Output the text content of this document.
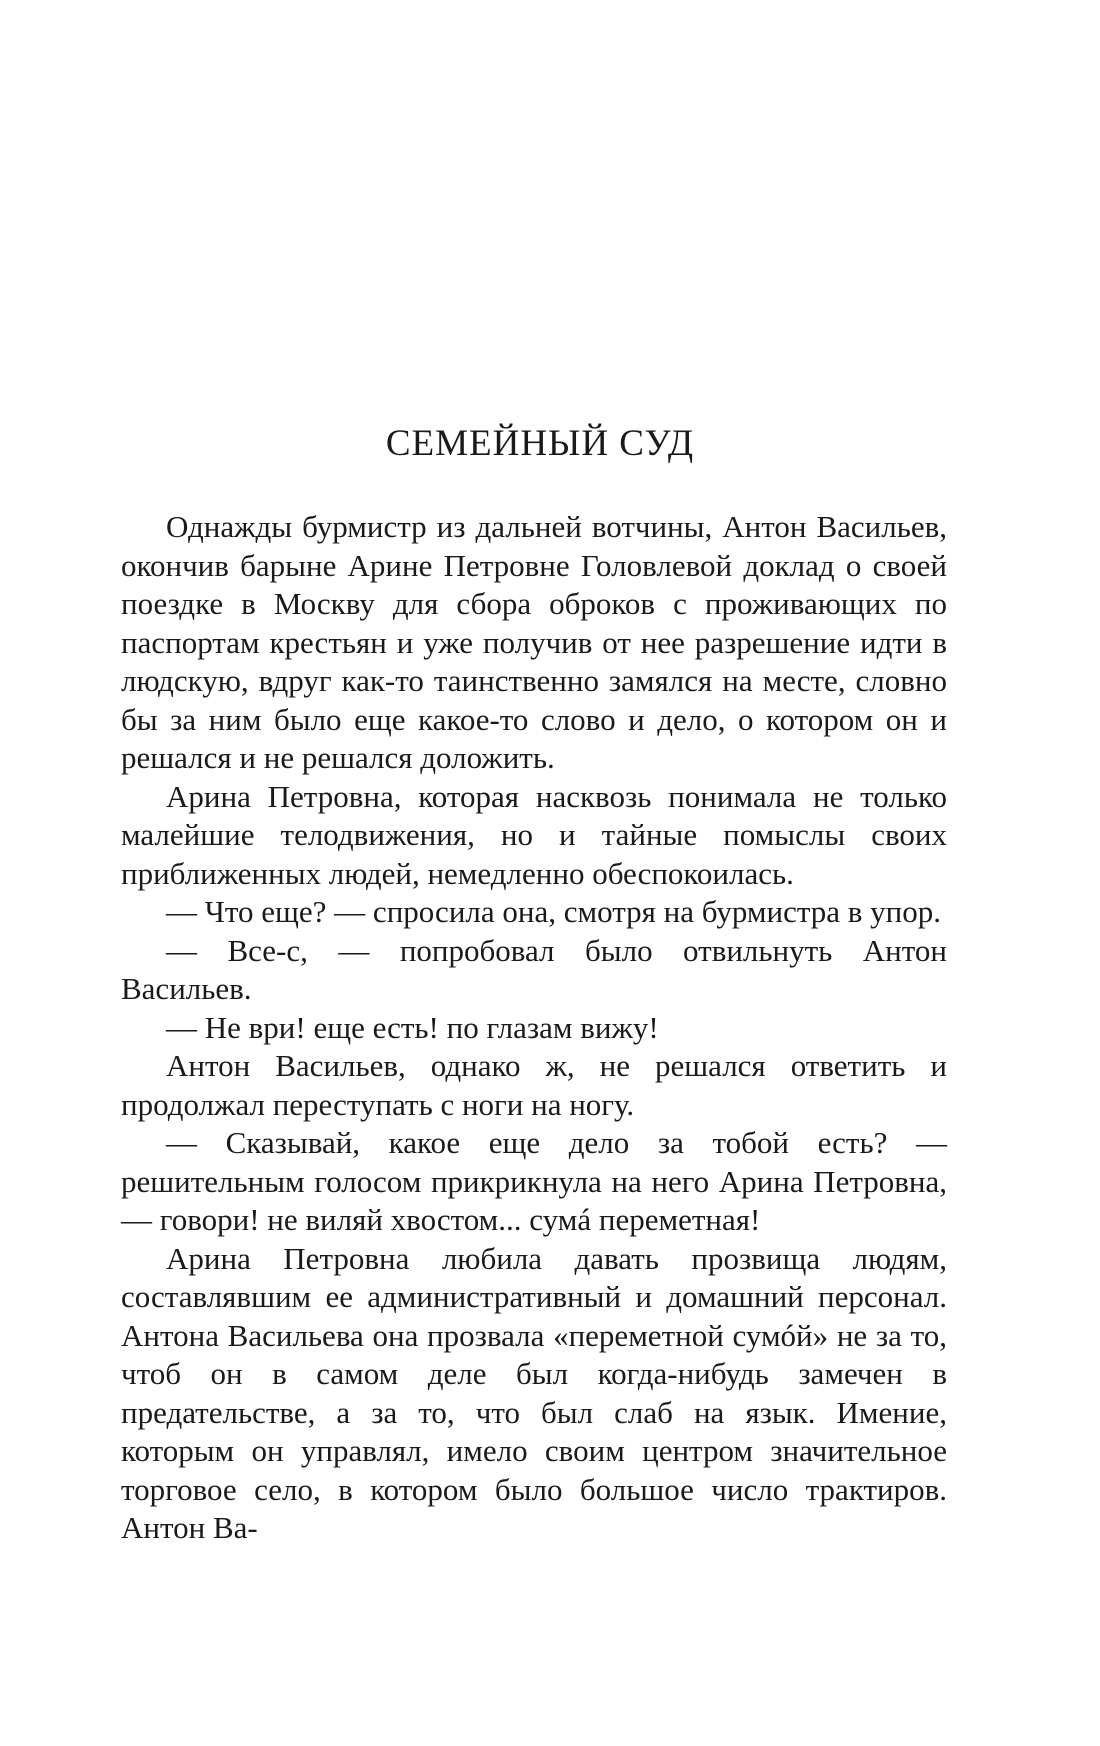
СЕМЕЙНЫЙ СУД

Однажды бурмистр из дальней вотчины, Антон Васильев, окончив барыне Арине Петровне Головлевой доклад о своей поездке в Москву для сбора оброков с проживающих по паспортам крестьян и уже получив от нее разрешение идти в людскую, вдруг как-то таинственно замялся на месте, словно бы за ним было еще какое-то слово и дело, о котором он и решался и не решался доложить.

Арина Петровна, которая насквозь понимала не только малейшие телодвижения, но и тайные помыслы своих приближенных людей, немедленно обеспокоилась.

— Что еще? — спросила она, смотря на бурмистра в упор.

— Все-с, — попробовал было отвильнуть Антон Васильев.

— Не ври! еще есть! по глазам вижу!

Антон Васильев, однако ж, не решался ответить и продолжал переступать с ноги на ногу.

— Сказывай, какое еще дело за тобой есть? — решительным голосом прикрикнула на него Арина Петровна, — говори! не виляй хвостом... сумá переметная!

Арина Петровна любила давать прозвища людям, составлявшим ее административный и домашний персонал. Антона Васильева она прозвала «переметной сумóй» не за то, чтоб он в самом деле был когда-нибудь замечен в предательстве, а за то, что был слаб на язык. Имение, которым он управлял, имело своим центром значительное торговое село, в котором было большое число трактиров. Антон Ва-
